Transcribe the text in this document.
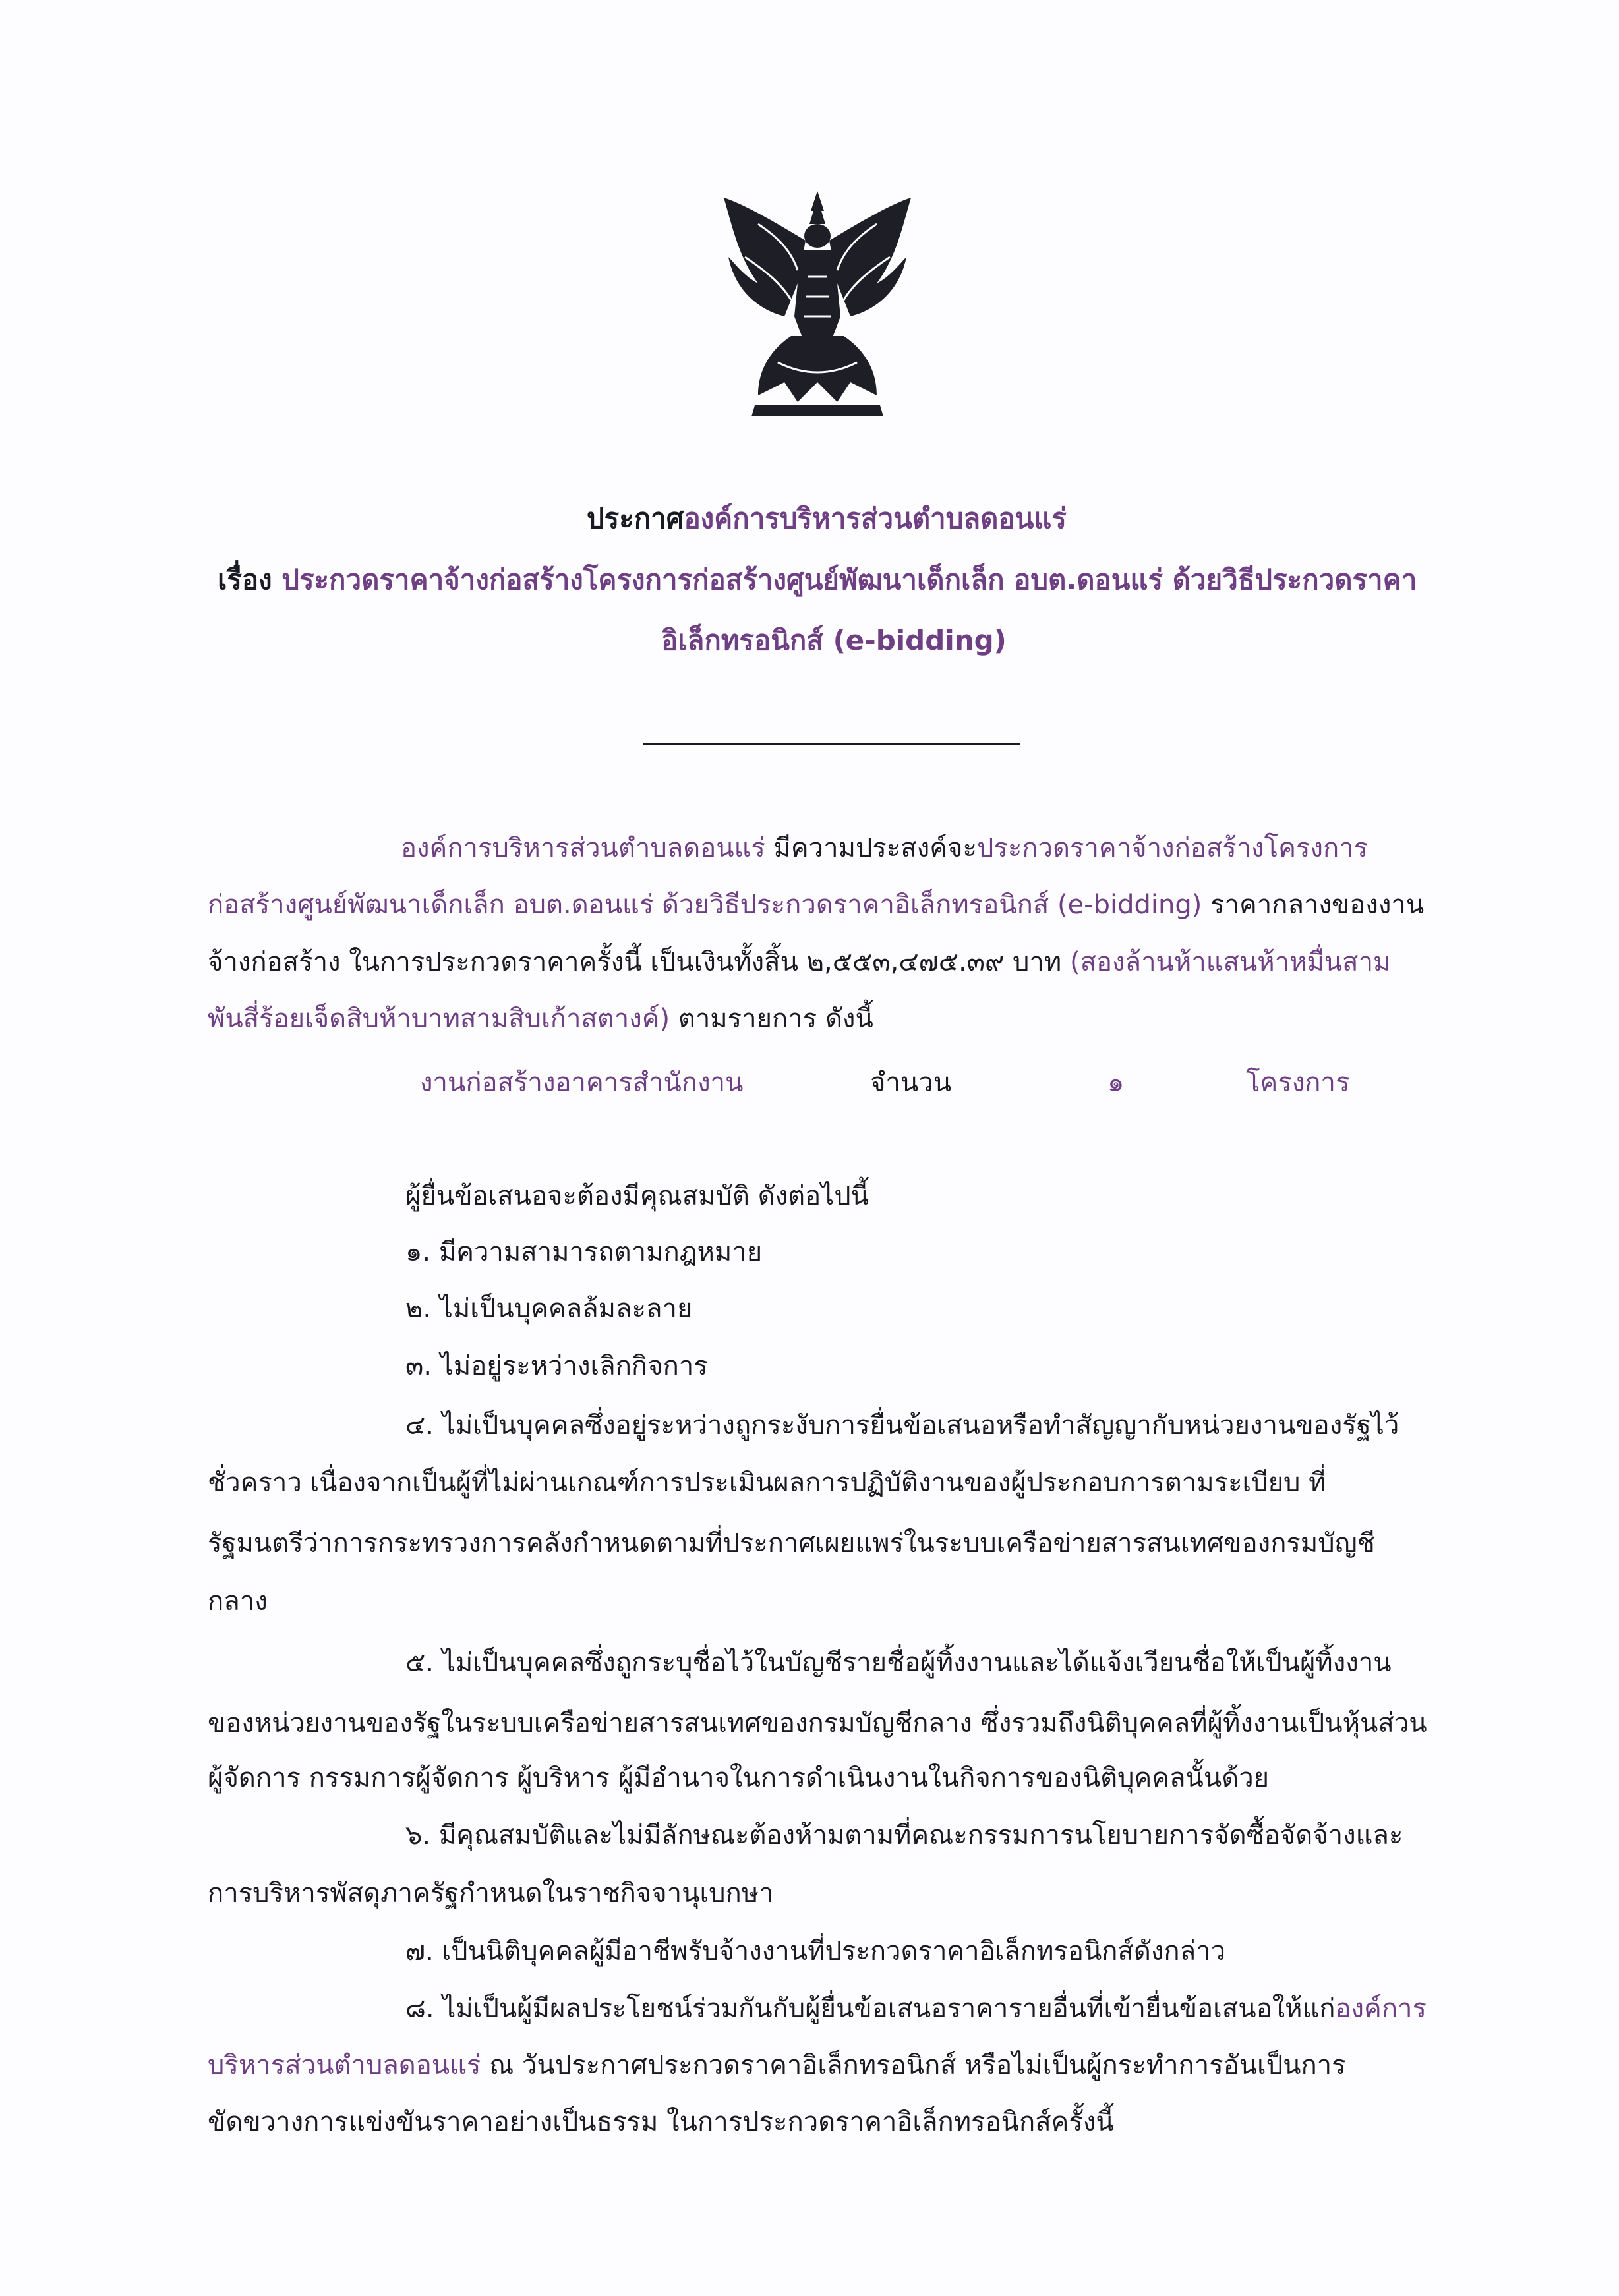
ประกาศองค์การบริหารส่วนตำบลดอนแร่
เรื่อง ประกวดราคาจ้างก่อสร้างโครงการก่อสร้างศูนย์พัฒนาเด็กเล็ก อบต.ดอนแร่ ด้วยวิธีประกวดราคา
อิเล็กทรอนิกส์ (e-bidding)
องค์การบริหารส่วนตำบลดอนแร่ มีความประสงค์จะประกวดราคาจ้างก่อสร้างโครงการ
ก่อสร้างศูนย์พัฒนาเด็กเล็ก อบต.ดอนแร่ ด้วยวิธีประกวดราคาอิเล็กทรอนิกส์ (e-bidding) ราคากลางของงาน
จ้างก่อสร้าง ในการประกวดราคาครั้งนี้ เป็นเงินทั้งสิ้น ๒,๕๕๓,๔๗๕.๓๙ บาท (สองล้านห้าแสนห้าหมื่นสาม
พันสี่ร้อยเจ็ดสิบห้าบาทสามสิบเก้าสตางค์) ตามรายการ ดังนี้
งานก่อสร้างอาคารสำนักงาน	จำนวน	๑	โครงการ
ผู้ยื่นข้อเสนอจะต้องมีคุณสมบัติ ดังต่อไปนี้
๑. มีความสามารถตามกฎหมาย
๒. ไม่เป็นบุคคลล้มละลาย
๓. ไม่อยู่ระหว่างเลิกกิจการ
๔. ไม่เป็นบุคคลซึ่งอยู่ระหว่างถูกระงับการยื่นข้อเสนอหรือทำสัญญากับหน่วยงานของรัฐไว้
ชั่วคราว เนื่องจากเป็นผู้ที่ไม่ผ่านเกณฑ์การประเมินผลการปฏิบัติงานของผู้ประกอบการตามระเบียบ ที่
รัฐมนตรีว่าการกระทรวงการคลังกำหนดตามที่ประกาศเผยแพร่ในระบบเครือข่ายสารสนเทศของกรมบัญชี
กลาง
๕. ไม่เป็นบุคคลซึ่งถูกระบุชื่อไว้ในบัญชีรายชื่อผู้ทิ้งงานและได้แจ้งเวียนชื่อให้เป็นผู้ทิ้งงาน
ของหน่วยงานของรัฐในระบบเครือข่ายสารสนเทศของกรมบัญชีกลาง ซึ่งรวมถึงนิติบุคคลที่ผู้ทิ้งงานเป็นหุ้นส่วน
ผู้จัดการ กรรมการผู้จัดการ ผู้บริหาร ผู้มีอำนาจในการดำเนินงานในกิจการของนิติบุคคลนั้นด้วย
๖. มีคุณสมบัติและไม่มีลักษณะต้องห้ามตามที่คณะกรรมการนโยบายการจัดซื้อจัดจ้างและ
การบริหารพัสดุภาครัฐกำหนดในราชกิจจานุเบกษา
๗. เป็นนิติบุคคลผู้มีอาชีพรับจ้างงานที่ประกวดราคาอิเล็กทรอนิกส์ดังกล่าว
๘. ไม่เป็นผู้มีผลประโยชน์ร่วมกันกับผู้ยื่นข้อเสนอราคารายอื่นที่เข้ายื่นข้อเสนอให้แก่องค์การ
บริหารส่วนตำบลดอนแร่ ณ วันประกาศประกวดราคาอิเล็กทรอนิกส์ หรือไม่เป็นผู้กระทำการอันเป็นการ
ขัดขวางการแข่งขันราคาอย่างเป็นธรรม ในการประกวดราคาอิเล็กทรอนิกส์ครั้งนี้
